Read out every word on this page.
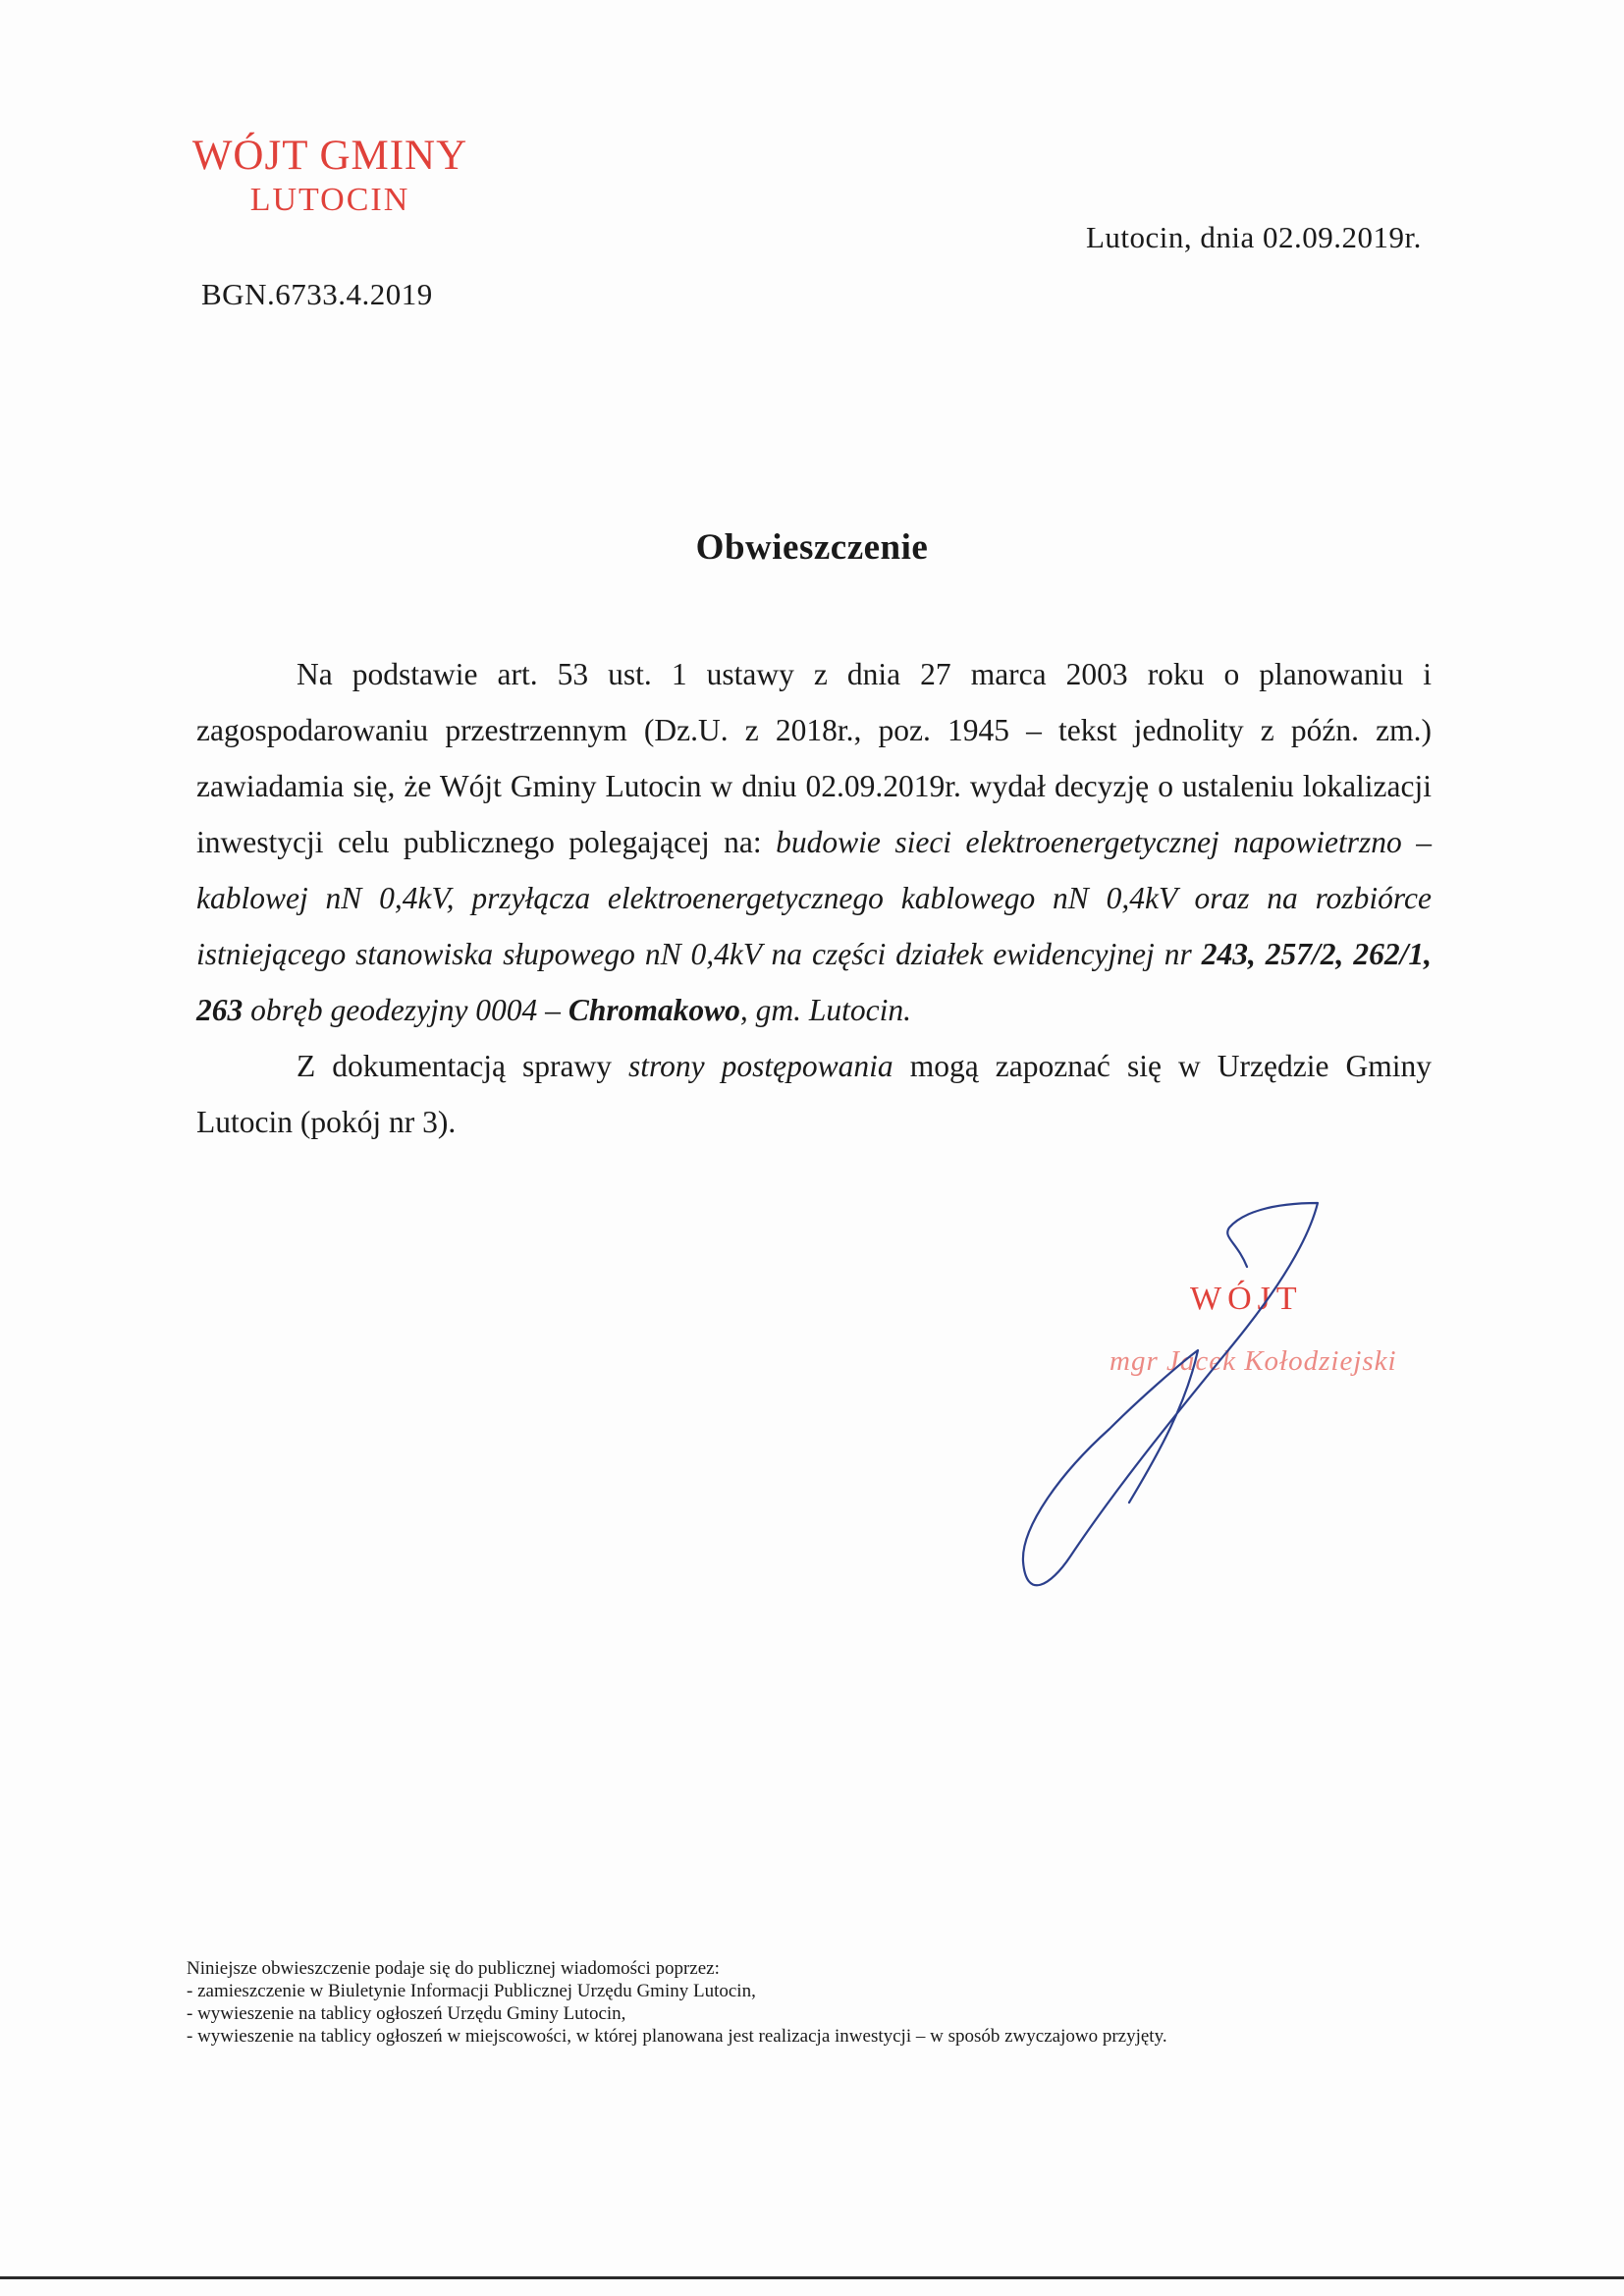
WÓJT GMINY
LUTOCIN
Lutocin, dnia 02.09.2019r.
BGN.6733.4.2019
Obwieszczenie

Na podstawie art. 53 ust. 1 ustawy z dnia 27 marca 2003 roku o planowaniu i zagospodarowaniu przestrzennym (Dz.U. z 2018r., poz. 1945 – tekst jednolity z późn. zm.) zawiadamia się, że Wójt Gminy Lutocin w dniu 02.09.2019r. wydał decyzję o ustaleniu lokalizacji inwestycji celu publicznego polegającej na: budowie sieci elektroenergetycznej napowietrzno – kablowej nN 0,4kV, przyłącza elektroenergetycznego kablowego nN 0,4kV oraz na rozbiórce istniejącego stanowiska słupowego nN 0,4kV na części działek ewidencyjnej nr 243, 257/2, 262/1, 263 obręb geodezyjny 0004 – Chromakowo, gm. Lutocin.

Z dokumentacją sprawy strony postępowania mogą zapoznać się w Urzędzie Gminy Lutocin (pokój nr 3).

WÓJT
mgr Jacek Kołodziejski
Niniejsze obwieszczenie podaje się do publicznej wiadomości poprzez:
- zamieszczenie w Biuletynie Informacji Publicznej Urzędu Gminy Lutocin,
- wywieszenie na tablicy ogłoszeń Urzędu Gminy Lutocin,
- wywieszenie na tablicy ogłoszeń w miejscowości, w której planowana jest realizacja inwestycji – w sposób zwyczajowo przyjęty.
